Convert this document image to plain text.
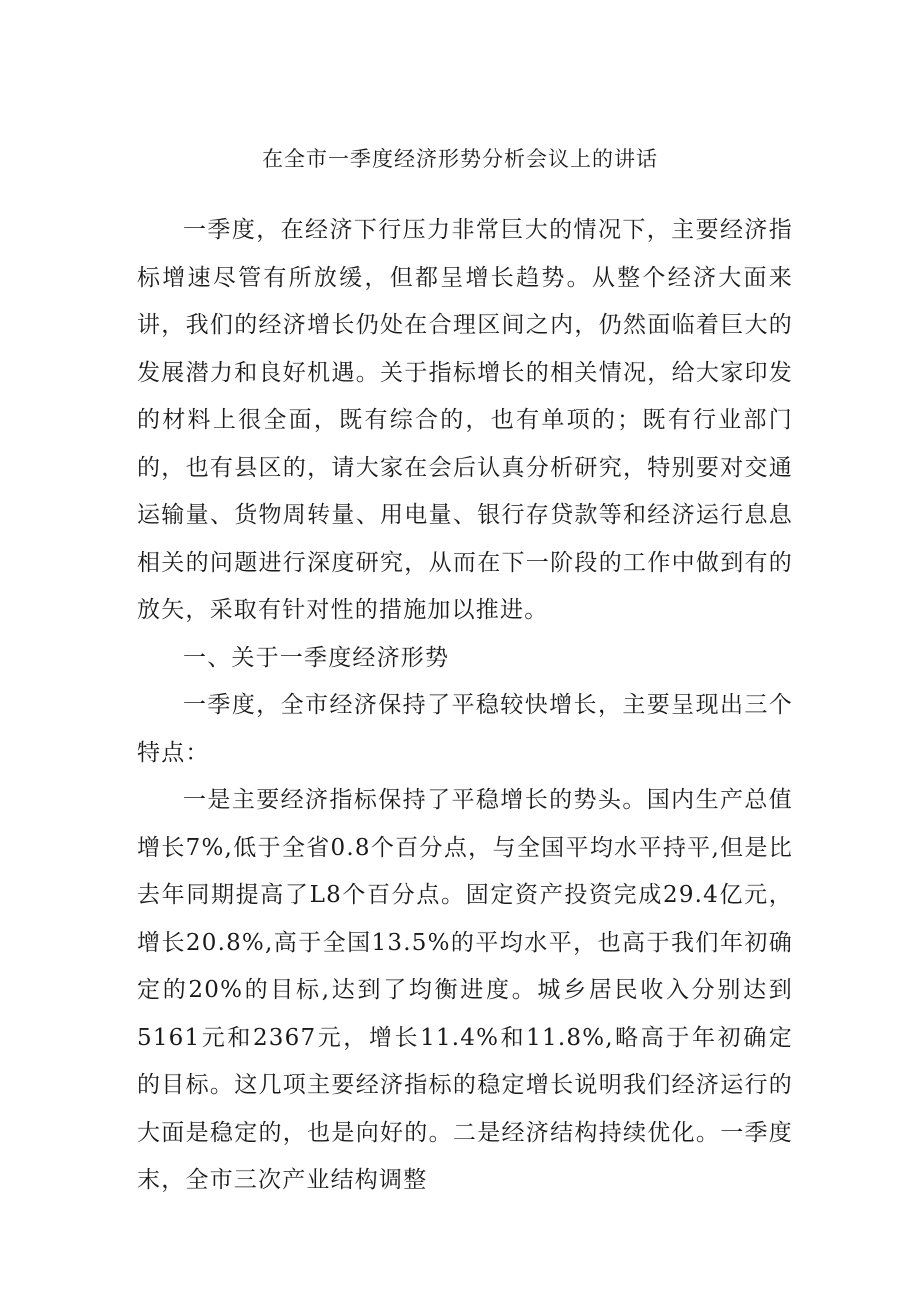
在全市一季度经济形势分析会议上的讲话

一季度，在经济下行压力非常巨大的情况下，主要经济指标增速尽管有所放缓，但都呈增长趋势。从整个经济大面来讲，我们的经济增长仍处在合理区间之内，仍然面临着巨大的发展潜力和良好机遇。关于指标增长的相关情况，给大家印发的材料上很全面，既有综合的，也有单项的；既有行业部门的，也有县区的，请大家在会后认真分析研究，特别要对交通运输量、货物周转量、用电量、银行存贷款等和经济运行息息相关的问题进行深度研究，从而在下一阶段的工作中做到有的放矢，采取有针对性的措施加以推进。

一、关于一季度经济形势

一季度，全市经济保持了平稳较快增长，主要呈现出三个特点：

一是主要经济指标保持了平稳增长的势头。国内生产总值增长7%,低于全省0.8个百分点，与全国平均水平持平,但是比去年同期提高了L8个百分点。固定资产投资完成29.4亿元，增长20.8%,高于全国13.5%的平均水平，也高于我们年初确定的20%的目标,达到了均衡进度。城乡居民收入分别达到5161元和2367元，增长11.4%和11.8%,略高于年初确定的目标。这几项主要经济指标的稳定增长说明我们经济运行的大面是稳定的，也是向好的。二是经济结构持续优化。一季度末，全市三次产业结构调整
